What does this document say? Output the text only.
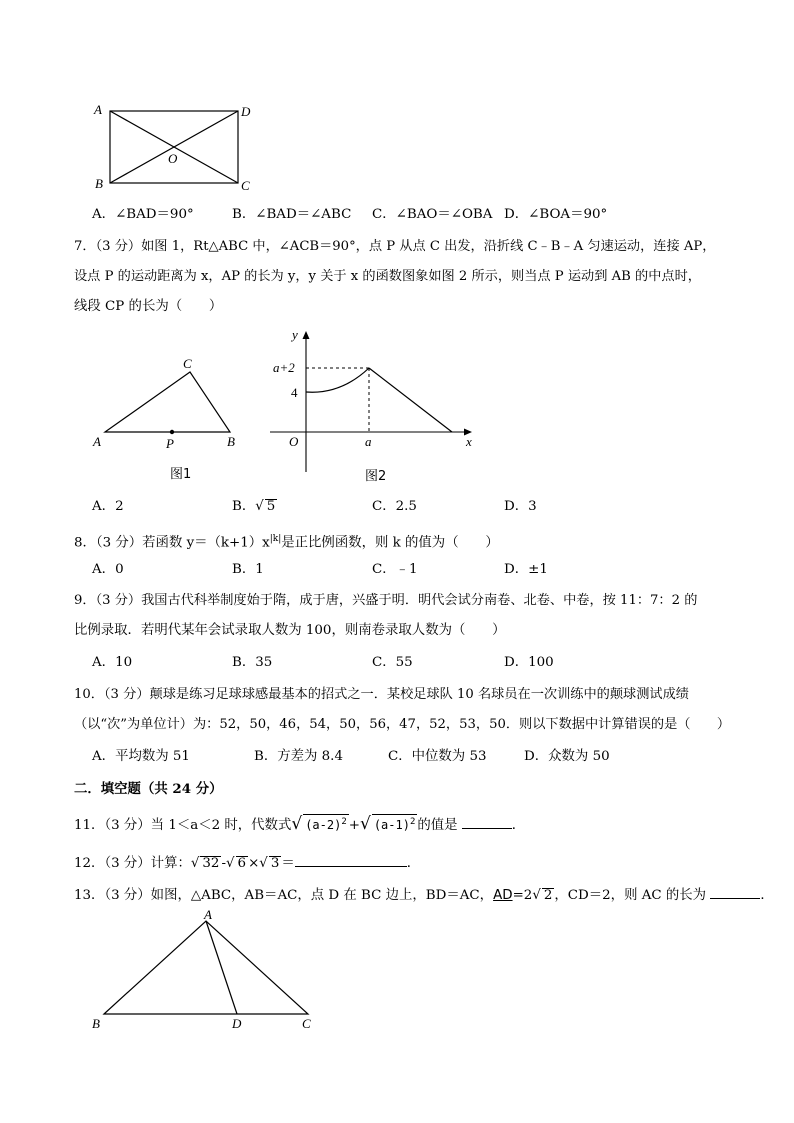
A	D
B	C
O
A．∠BAD＝90°	B．∠BAD＝∠ABC C．∠BAO＝∠OBA D．∠BOA＝90°
7．（3 分）如图 1，Rt△ABC 中，∠ACB＝90°，点 P 从点 C 出发，沿折线 C﹣B﹣A 匀速运动，连接 AP，
设点 P 的运动距离为 x，AP 的长为 y，y 关于 x 的函数图象如图 2 所示，则当点 P 运动到 AB 的中点时，
线段 CP 的长为（　　）
A
C
B
P
图1
y
x
O	a
a+2
4
图2
A．2	B．√ 5	C．2.5	D．3
8．（3 分）若函数 $y=(k+1)x^{|k|}$是正比例函数，则 k 的值为（　　）
A．0	B．1	C．﹣1	D．±1
9．（3 分）我国古代科举制度始于隋，成于唐，兴盛于明．明代会试分南卷、北卷、中卷，按 11：7：2 的
比例录取．若明代某年会试录取人数为 100，则南卷录取人数为（　　）
A．10	B．35	C．55	D．100
10．（3 分）颠球是练习足球球感最基本的招式之一．某校足球队 10 名球员在一次训练中的颠球测试成绩
（以“次”为单位计）为：52，50，46，54，50，56，47，52，53，50．则以下数据中计算错误的是（　　）
A．平均数为 51	B．方差为 8.4	C．中位数为 53	D．众数为 50
二．填空题（共 24 分）
11．（3 分）当 1＜a＜2 时，代数式√ $(a-2)^2$ +√ $(a-1)^2$ 的值是	．
12．（3 分）计算：√ 32 -√ 6 ×√ 3 ＝	．
13．（3 分）如图，△ABC，AB＝AC，点 D 在 BC 边上，BD＝AC，AD=2√ 2 ，CD＝2，则 AC 的长为	．
A
B	D	C
